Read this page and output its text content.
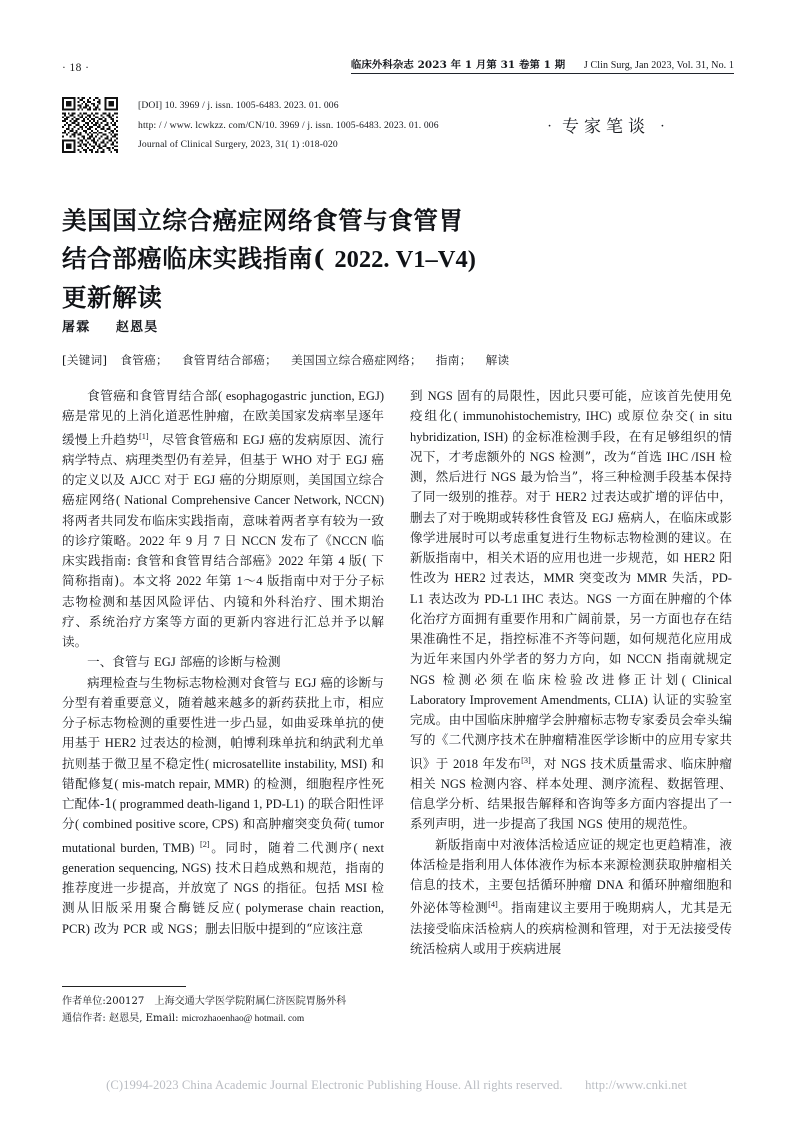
· 18 ·	临床外科杂志 2023 年 1 月第 31 卷第 1 期 J Clin Surg, Jan 2023, Vol. 31, No. 1
[DOI] 10. 3969 / j. issn. 1005-6483. 2023. 01. 006
http: / / www. lcwkzz. com/CN/10. 3969 / j. issn. 1005-6483. 2023. 01. 006
Journal of Clinical Surgery, 2023, 31( 1) :018-020
· 专家笔谈 ·
美国国立综合癌症网络食管与食管胃
结合部癌临床实践指南( 2022. V1–V4)
更新解读
屠霖 赵恩昊
[关键词] 食管癌； 食管胃结合部癌； 美国国立综合癌症网络； 指南； 解读

食管癌和食管胃结合部( esophagogastric junction, EGJ) 癌是常见的上消化道恶性肿瘤，在欧美国家发病率呈逐年缓慢上升趋势[1]，尽管食管癌和 EGJ 癌的发病原因、流行病学特点、病理类型仍有差异，但基于 WHO 对于 EGJ 癌的定义以及 AJCC 对于 EGJ 癌的分期原则，美国国立综合癌症网络( National Comprehensive Cancer Network, NCCN) 将两者共同发布临床实践指南，意味着两者享有较为一致的诊疗策略。2022 年 9 月 7 日 NCCN 发布了《NCCN 临床实践指南: 食管和食管胃结合部癌》2022 年第 4 版( 下简称指南)。本文将 2022 年第 1～4 版指南中对于分子标志物检测和基因风险评估、内镜和外科治疗、围术期治疗、系统治疗方案等方面的更新内容进行汇总并予以解读。

一、食管与 EGJ 部癌的诊断与检测

病理检查与生物标志物检测对食管与 EGJ 癌的诊断与分型有着重要意义，随着越来越多的新药获批上市，相应分子标志物检测的重要性进一步凸显，如曲妥珠单抗的使用基于 HER2 过表达的检测，帕博利珠单抗和纳武利尤单抗则基于微卫星不稳定性( microsatellite instability, MSI) 和错配修复( mis-match repair, MMR) 的检测，细胞程序性死亡配体-1( programmed death-ligand 1, PD-L1) 的联合阳性评分( combined positive score, CPS) 和高肿瘤突变负荷( tumor mutational burden, TMB) [2]。同时，随着二代测序( next generation sequencing, NGS) 技术日趋成熟和规范，指南的推荐度进一步提高，并放宽了 NGS 的指征。包括 MSI 检测从旧版采用聚合酶链反应( polymerase chain reaction, PCR) 改为 PCR 或 NGS；删去旧版中提到的“应该注意

到 NGS 固有的局限性，因此只要可能，应该首先使用免疫组化( immunohistochemistry, IHC) 或原位杂交( in situ hybridization, ISH) 的金标准检测手段，在有足够组织的情况下，才考虑额外的 NGS 检测”，改为“首选 IHC /ISH 检测，然后进行 NGS 最为恰当”，将三种检测手段基本保持了同一级别的推荐。对于 HER2 过表达或扩增的评估中，删去了对于晚期或转移性食管及 EGJ 癌病人，在临床或影像学进展时可以考虑重复进行生物标志物检测的建议。在新版指南中，相关术语的应用也进一步规范，如 HER2 阳性改为 HER2 过表达，MMR 突变改为 MMR 失活，PD-L1 表达改为 PD-L1 IHC 表达。NGS 一方面在肿瘤的个体化治疗方面拥有重要作用和广阔前景，另一方面也存在结果准确性不足，指控标准不齐等问题，如何规范化应用成为近年来国内外学者的努力方向，如 NCCN 指南就规定 NGS 检测必须在临床检验改进修正计划( Clinical Laboratory Improvement Amendments, CLIA) 认证的实验室完成。由中国临床肿瘤学会肿瘤标志物专家委员会牵头编写的《二代测序技术在肿瘤精准医学诊断中的应用专家共识》于 2018 年发布[3]，对 NGS 技术质量需求、临床肿瘤相关 NGS 检测内容、样本处理、测序流程、数据管理、信息学分析、结果报告解释和咨询等多方面内容提出了一系列声明，进一步提高了我国 NGS 使用的规范性。

新版指南中对液体活检适应证的规定也更趋精准，液体活检是指利用人体体液作为标本来源检测获取肿瘤相关信息的技术，主要包括循环肿瘤 DNA 和循环肿瘤细胞和外泌体等检测[4]。指南建议主要用于晚期病人，尤其是无法接受临床活检病人的疾病检测和管理，对于无法接受传统活检病人或用于疾病进展

作者单位:200127　上海交通大学医学院附属仁济医院胃肠外科
通信作者: 赵恩昊, Email: microzhaoenhao@ hotmail. com
(C)1994-2023 China Academic Journal Electronic Publishing House. All rights reserved. http://www.cnki.net
